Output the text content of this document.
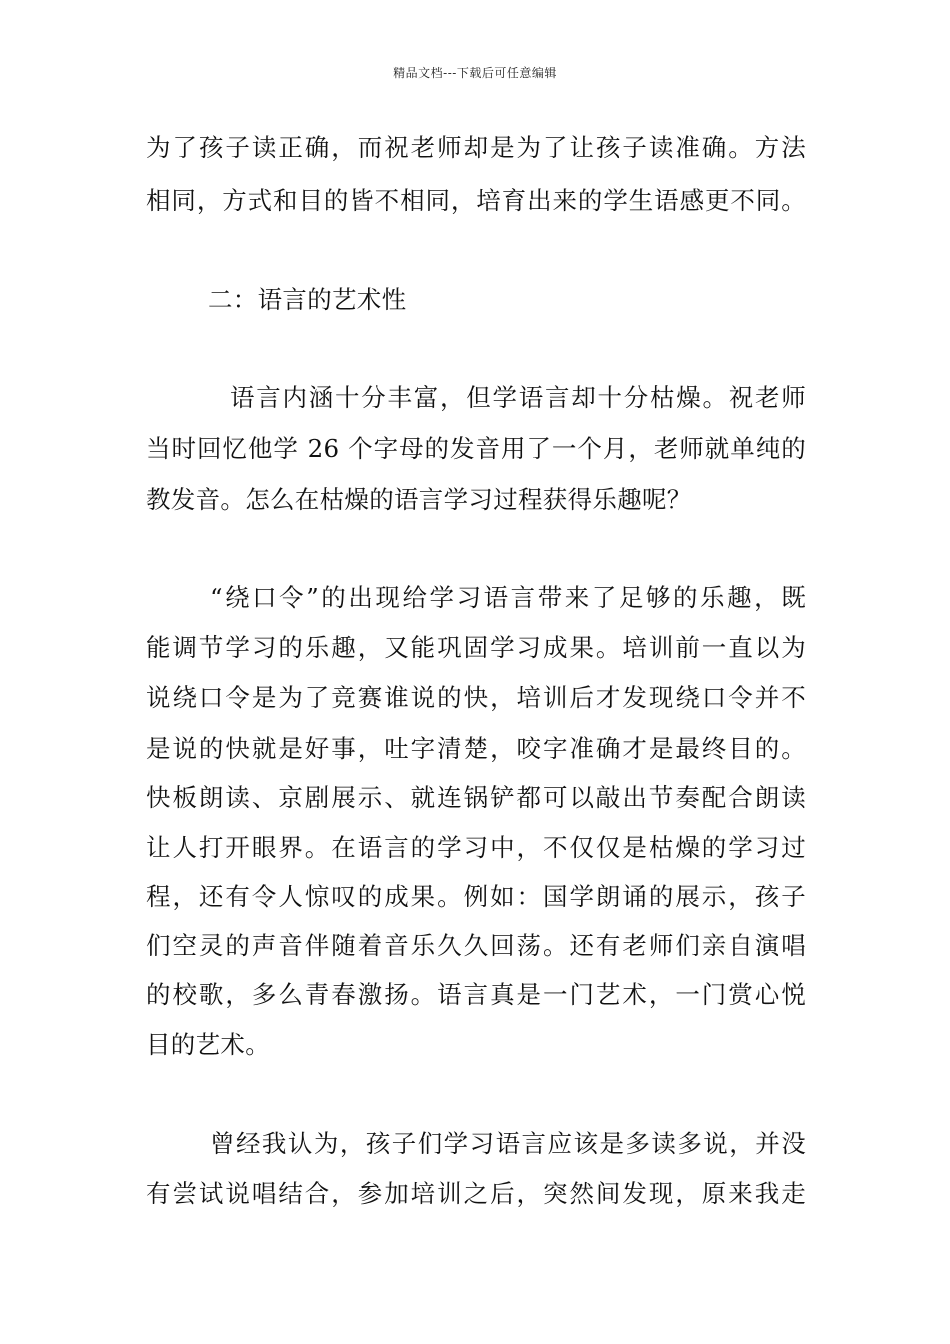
精品文档---下载后可任意编辑
为了孩子读正确，而祝老师却是为了让孩子读准确。方法
相同，方式和目的皆不相同，培育出来的学生语感更不同。
二：语言的艺术性
语言内涵十分丰富，但学语言却十分枯燥。祝老师
当时回忆他学 26 个字母的发音用了一个月，老师就单纯的
教发音。怎么在枯燥的语言学习过程获得乐趣呢？
“绕口令”的出现给学习语言带来了足够的乐趣，既
能调节学习的乐趣，又能巩固学习成果。培训前一直以为
说绕口令是为了竞赛谁说的快，培训后才发现绕口令并不
是说的快就是好事，吐字清楚，咬字准确才是最终目的。
快板朗读、京剧展示、就连锅铲都可以敲出节奏配合朗读
让人打开眼界。在语言的学习中，不仅仅是枯燥的学习过
程，还有令人惊叹的成果。例如：国学朗诵的展示，孩子
们空灵的声音伴随着音乐久久回荡。还有老师们亲自演唱
的校歌，多么青春激扬。语言真是一门艺术，一门赏心悦
目的艺术。
曾经我认为，孩子们学习语言应该是多读多说，并没
有尝试说唱结合，参加培训之后，突然间发现，原来我走
